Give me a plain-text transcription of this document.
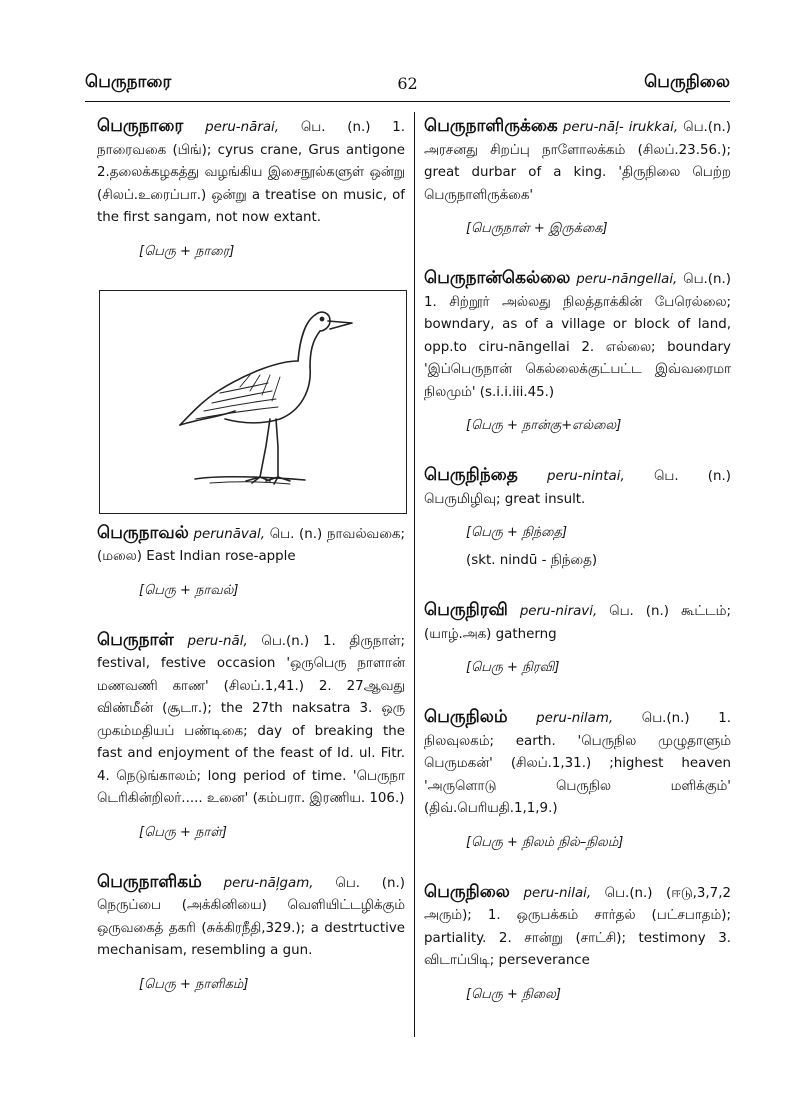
பெருநாரை	62	பெருநிலை
பெருநாரை peru-nārai, பெ. (n.) 1. நாரைவகை (பிங்); cyrus crane, Grus antigone 2.தலைக்கழகத்து வழங்கிய இசைநூல்களுள் ஒன்று (சிலப்.உரைப்பா.) ஒன்று a treatise on music, of the first sangam, not now extant.
[பெரு + நாரை]
பெருநாவல் perunāval, பெ. (n.) நாவல்வகை; (மலை) East Indian rose-apple
[பெரு + நாவல்]
பெருநாள் peru-nāl, பெ.(n.) 1. திருநாள்; festival, festive occasion 'ஒருபெரு நாளான் மணவணி காண' (சிலப்.1,41.) 2. 27ஆவது விண்மீன் (சூடா.); the 27th naksatra 3. ஒரு முகம்மதியப் பண்டிகை; day of breaking the fast and enjoyment of the feast of Id. ul. Fitr. 4. நெடுங்காலம்; long period of time. 'பெருநா டெரிகின்றிலர்..... உனை' (கம்பரா. இரணிய. 106.)
[பெரு + நாள்]
பெருநாளிகம் peru-nāļgam, பெ. (n.) நெருப்பை (அக்கினியை) வெளியிட்டழிக்கும் ஒருவகைத் தகரி (சுக்கிரநீதி,329.); a destrtuctive mechanisam, resembling a gun.
[பெரு + நாளிகம்]
பெருநாளிருக்கை peru-nāļ- irukkai, பெ.(n.) அரசனது சிறப்பு நாளோலக்கம் (சிலப்.23.56.); great durbar of a king. 'திருநிலை பெற்ற பெருநாளிருக்கை'
[பெருநாள் + இருக்கை]
பெருநான்கெல்லை peru-nāngellai, பெ.(n.) 1. சிற்றூர் அல்லது நிலத்தாக்கின் பேரெல்லை; bowndary, as of a village or block of land, opp.to ciru-nāngellai 2. எல்லை; boundary 'இப்பெருநான் கெல்லைக்குட்பட்ட இவ்வரைமா நிலமும்' (s.i.i.iii.45.)
[பெரு + நான்கு+எல்லை]
பெருநிந்தை peru-nintai, பெ. (n.) பெருமிழிவு; great insult.
[பெரு + நிந்தை]
(skt. nindū - நிந்தை)
பெருநிரவி peru-niravi, பெ. (n.) கூட்டம்; (யாழ்.அக) gatherng
[பெரு + நிரவி]
பெருநிலம் peru-nilam, பெ.(n.) 1. நிலவுலகம்; earth. 'பெருநில முழுதாளும் பெருமகன்' (சிலப்.1,31.) ;highest heaven 'அருளொடு பெருநில மளிக்கும்' (திவ்.பெரியதி.1,1,9.)
[பெரு + நிலம் நில்–நிலம்]
பெருநிலை peru-nilai, பெ.(n.) (ஈடு,3,7,2 அரும்); 1. ஒருபக்கம் சார்தல் (பட்சபாதம்); partiality. 2. சான்று (சாட்சி); testimony 3. விடாப்பிடி; perseverance
[பெரு + நிலை]
